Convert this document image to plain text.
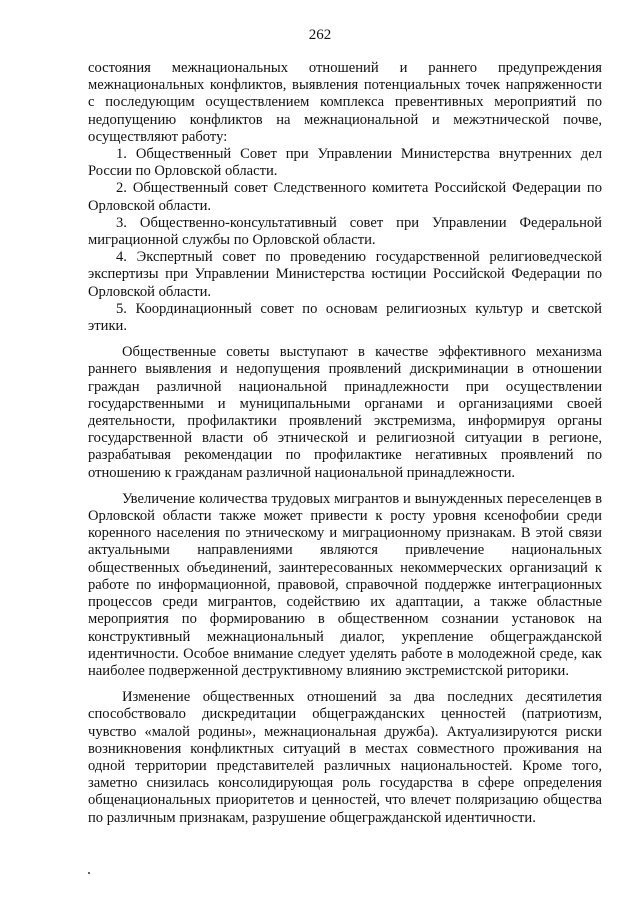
262

состояния межнациональных отношений и раннего предупреждения межнациональных конфликтов, выявления потенциальных точек напряженности с последующим осуществлением комплекса превентивных мероприятий по недопущению конфликтов на межнациональной и межэтнической почве, осуществляют работу:

1. Общественный Совет при Управлении Министерства внутренних дел России по Орловской области.

2. Общественный совет Следственного комитета Российской Федерации по Орловской области.

3. Общественно-консультативный совет при Управлении Федеральной миграционной службы по Орловской области.

4. Экспертный совет по проведению государственной религиоведческой экспертизы при Управлении Министерства юстиции Российской Федерации по Орловской области.

5. Координационный совет по основам религиозных культур и светской этики.

Общественные советы выступают в качестве эффективного механизма раннего выявления и недопущения проявлений дискриминации в отношении граждан различной национальной принадлежности при осуществлении государственными и муниципальными органами и организациями своей деятельности, профилактики проявлений экстремизма, информируя органы государственной власти об этнической и религиозной ситуации в регионе, разрабатывая рекомендации по профилактике негативных проявлений по отношению к гражданам различной национальной принадлежности.

Увеличение количества трудовых мигрантов и вынужденных переселенцев в Орловской области также может привести к росту уровня ксенофобии среди коренного населения по этническому и миграционному признакам. В этой связи актуальными направлениями являются привлечение национальных общественных объединений, заинтересованных некоммерческих организаций к работе по информационной, правовой, справочной поддержке интеграционных процессов среди мигрантов, содействию их адаптации, а также областные мероприятия по формированию в общественном сознании установок на конструктивный межнациональный диалог, укрепление общегражданской идентичности. Особое внимание следует уделять работе в молодежной среде, как наиболее подверженной деструктивному влиянию экстремистской риторики.

Изменение общественных отношений за два последних десятилетия способствовало дискредитации общегражданских ценностей (патриотизм, чувство «малой родины», межнациональная дружба). Актуализируются риски возникновения конфликтных ситуаций в местах совместного проживания на одной территории представителей различных национальностей. Кроме того, заметно снизилась консолидирующая роль государства в сфере определения общенациональных приоритетов и ценностей, что влечет поляризацию общества по различным признакам, разрушение общегражданской идентичности.
